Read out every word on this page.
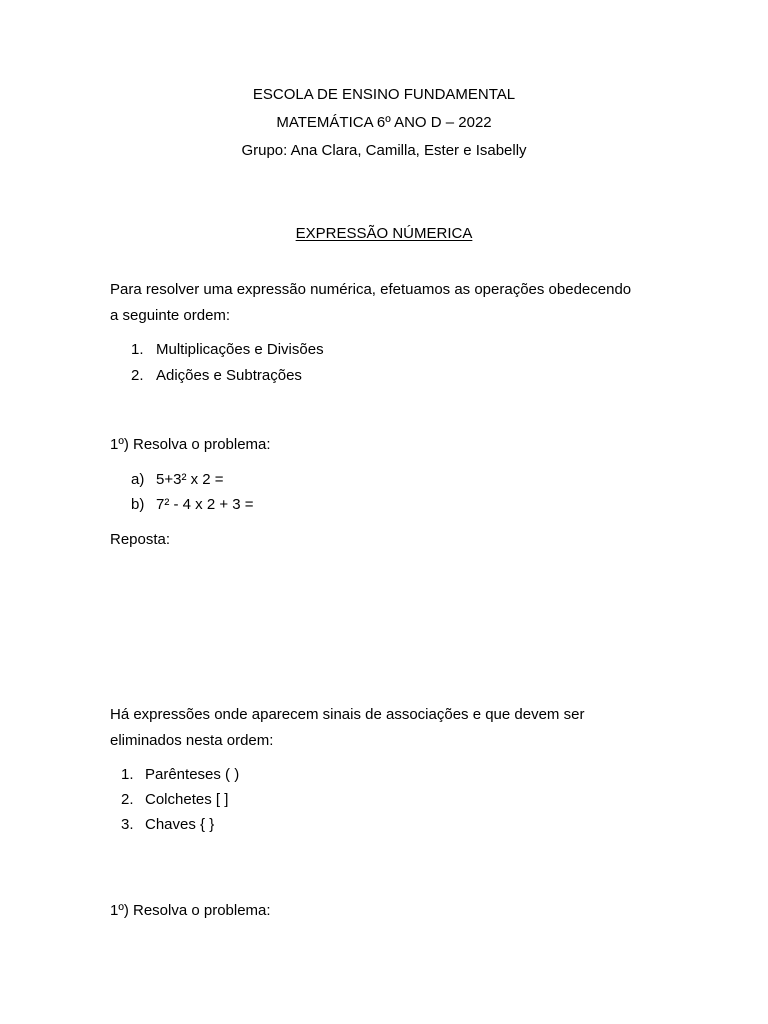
ESCOLA DE ENSINO FUNDAMENTAL
MATEMÁTICA 6º ANO D – 2022
Grupo: Ana Clara, Camilla, Ester e Isabelly
EXPRESSÃO NÚMERICA
Para resolver uma expressão numérica, efetuamos as operações obedecendo
a seguinte ordem:
1. Multiplicações e Divisões
2. Adições e Subtrações
1º) Resolva o problema:
a) 5+3² x 2 =
b) 7² - 4 x 2 + 3 =
Reposta:
Há expressões onde aparecem sinais de associações e que devem ser
eliminados nesta ordem:
1. Parênteses ( )
2. Colchetes [ ]
3. Chaves { }
1º) Resolva o problema:
